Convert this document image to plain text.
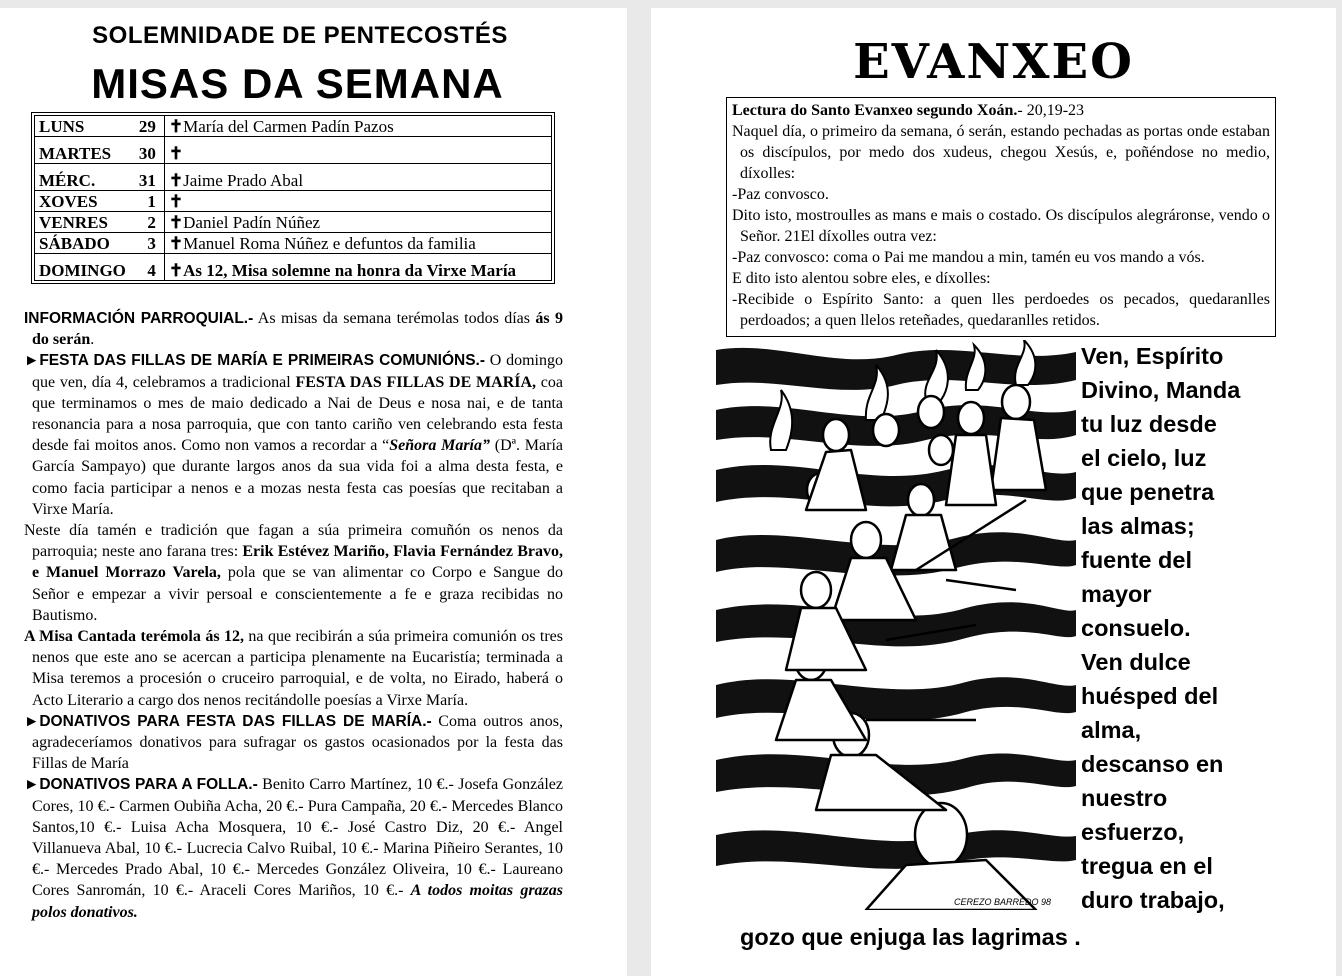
SOLEMNIDADE DE PENTECOSTÉS
MISAS DA SEMANA
LUNS	29	✝María del Carmen Padín Pazos
MARTES	30	✝
MÉRC.	31	✝Jaime Prado Abal
XOVES	1	✝
VENRES	2	✝Daniel Padín Núñez
SÁBADO	3	✝Manuel Roma Núñez e defuntos da familia
DOMINGO	4	✝As 12, Misa solemne na honra da Virxe María

INFORMACIÓN PARROQUIAL.- As misas da semana terémolas todos días ás 9 do serán.

►FESTA DAS FILLAS DE MARÍA E PRIMEIRAS COMUNIÓNS.- O domingo que ven, día 4, celebramos a tradicional FESTA DAS FILLAS DE MARÍA, coa que terminamos o mes de maio dedicado a Nai de Deus e nosa nai, e de tanta resonancia para a nosa parroquia, que con tanto cariño ven celebrando esta festa desde fai moitos anos. Como non vamos a recordar a “Señora María” (Dª. María García Sampayo) que durante largos anos da sua vida foi a alma desta festa, e como facia participar a nenos e a mozas nesta festa cas poesías que recitaban a Virxe María.

Neste día tamén e tradición que fagan a súa primeira comuñón os nenos da parroquia; neste ano farana tres: Erik Estévez Mariño, Flavia Fernández Bravo, e Manuel Morrazo Varela, pola que se van alimentar co Corpo e Sangue do Señor e empezar a vivir persoal e conscientemente a fe e graza recibidas no Bautismo.

A Misa Cantada terémola ás 12, na que recibirán a súa primeira comunión os tres nenos que este ano se acercan a participa plenamente na Eucaristía; terminada a Misa teremos a procesión o cruceiro parroquial, e de volta, no Eirado, haberá o Acto Literario a cargo dos nenos recitándolle poesías a Virxe María.

►DONATIVOS PARA FESTA DAS FILLAS DE MARÍA.- Coma outros anos, agradeceríamos donativos para sufragar os gastos ocasionados por la festa das Fillas de María

►DONATIVOS PARA A FOLLA.- Benito Carro Martínez, 10 €.- Josefa González Cores, 10 €.- Carmen Oubiña Acha, 20 €.- Pura Campaña, 20 €.- Mercedes Blanco Santos,10 €.- Luisa Acha Mosquera, 10 €.- José Castro Diz, 20 €.- Angel Villanueva Abal, 10 €.- Lucrecia Calvo Ruibal, 10 €.- Marina Piñeiro Serantes, 10 €.- Mercedes Prado Abal, 10 €.- Mercedes González Oliveira, 10 €.- Laureano Cores Sanromán, 10 €.- Araceli Cores Mariños, 10 €.- A todos moitas grazas polos donativos.

EVANXEO
Lectura do Santo Evanxeo segundo Xoán.- 20,19-23

Naquel día, o primeiro da semana, ó serán, estando pechadas as portas onde estaban os discípulos, por medo dos xudeus, chegou Xesús, e, poñéndose no medio, díxolles:

-Paz convosco.

Dito isto, mostroulles as mans e mais o costado. Os discípulos alegráronse, vendo o Señor. 21El díxolles outra vez:

-Paz convosco: coma o Pai me mandou a min, tamén eu vos mando a vós.

E dito isto alentou sobre eles, e díxolles:

-Recibide o Espírito Santo: a quen lles perdoedes os pecados, quedaranlles perdoados; a quen llelos reteñades, quedaranlles retidos.

CEREZO BARREDO 98
Ven, Espírito
Divino, Manda
tu luz desde
el cielo, luz
que penetra
las almas;
fuente del
mayor
consuelo.
Ven dulce
huésped del
alma,
descanso en
nuestro
esfuerzo,
tregua en el
duro trabajo,
gozo que enjuga las lagrimas .
